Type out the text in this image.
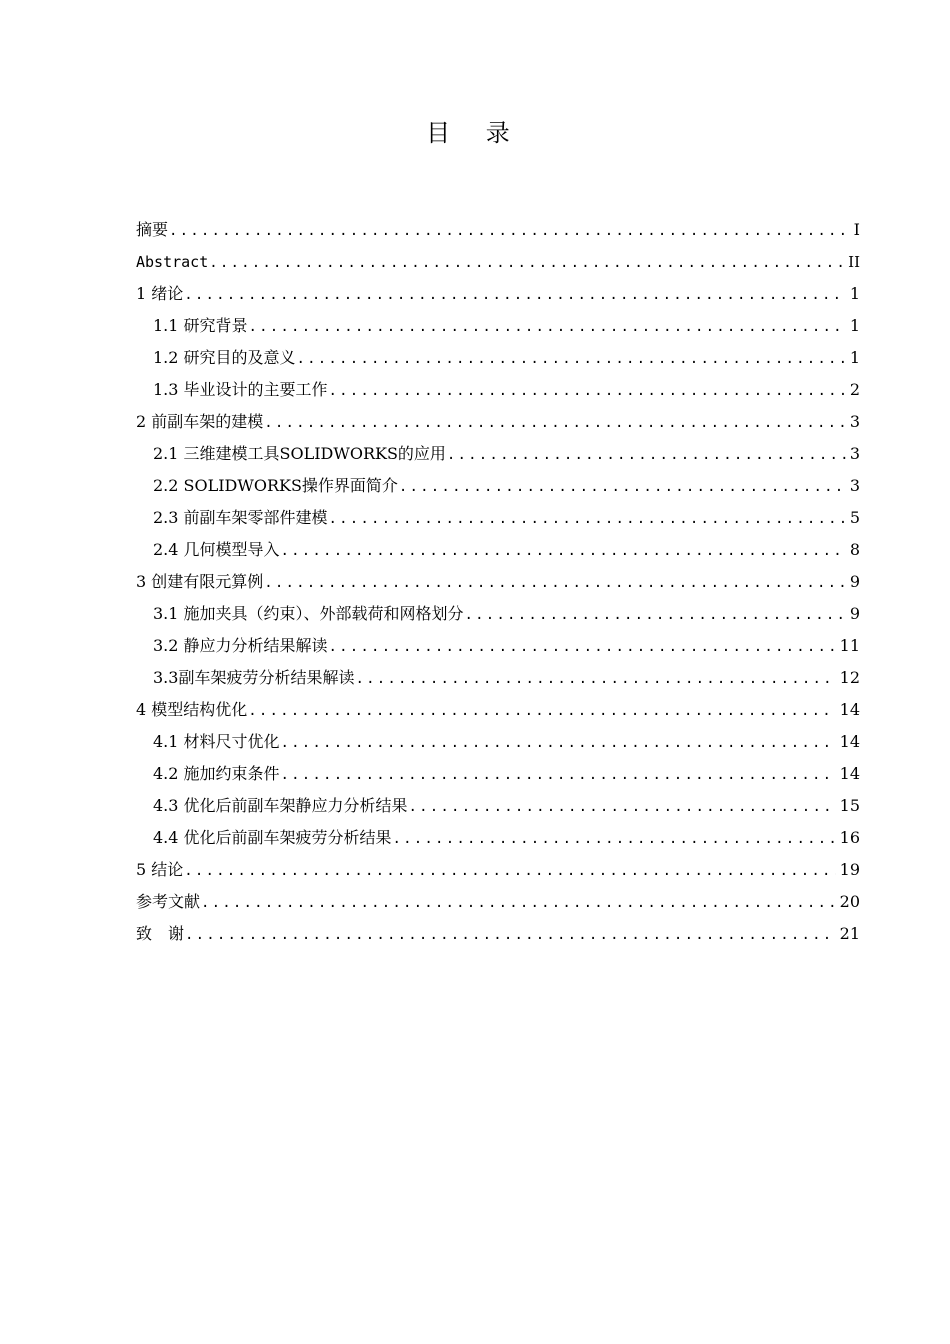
目 录
摘要 .....	I
Abstract .....	II
1 绪论 .....	1
1.1 研究背景 .....	1
1.2 研究目的及意义 .....	1
1.3 毕业设计的主要工作 .....	2
2 前副车架的建模 .....	3
2.1 三维建模工具SOLIDWORKS的应用 .....	3
2.2 SOLIDWORKS操作界面简介 .....	3
2.3 前副车架零部件建模 .....	5
2.4 几何模型导入 .....	8
3 创建有限元算例 .....	9
3.1 施加夹具（约束）、外部载荷和网格划分 .....	9
3.2 静应力分析结果解读 .....	11
3.3副车架疲劳分析结果解读 .....	12
4 模型结构优化 .....	14
4.1 材料尺寸优化 .....	14
4.2 施加约束条件 .....	14
4.3 优化后前副车架静应力分析结果 .....	15
4.4 优化后前副车架疲劳分析结果 .....	16
5 结论 .....	19
参考文献 .....	20
致　谢 .....	21
